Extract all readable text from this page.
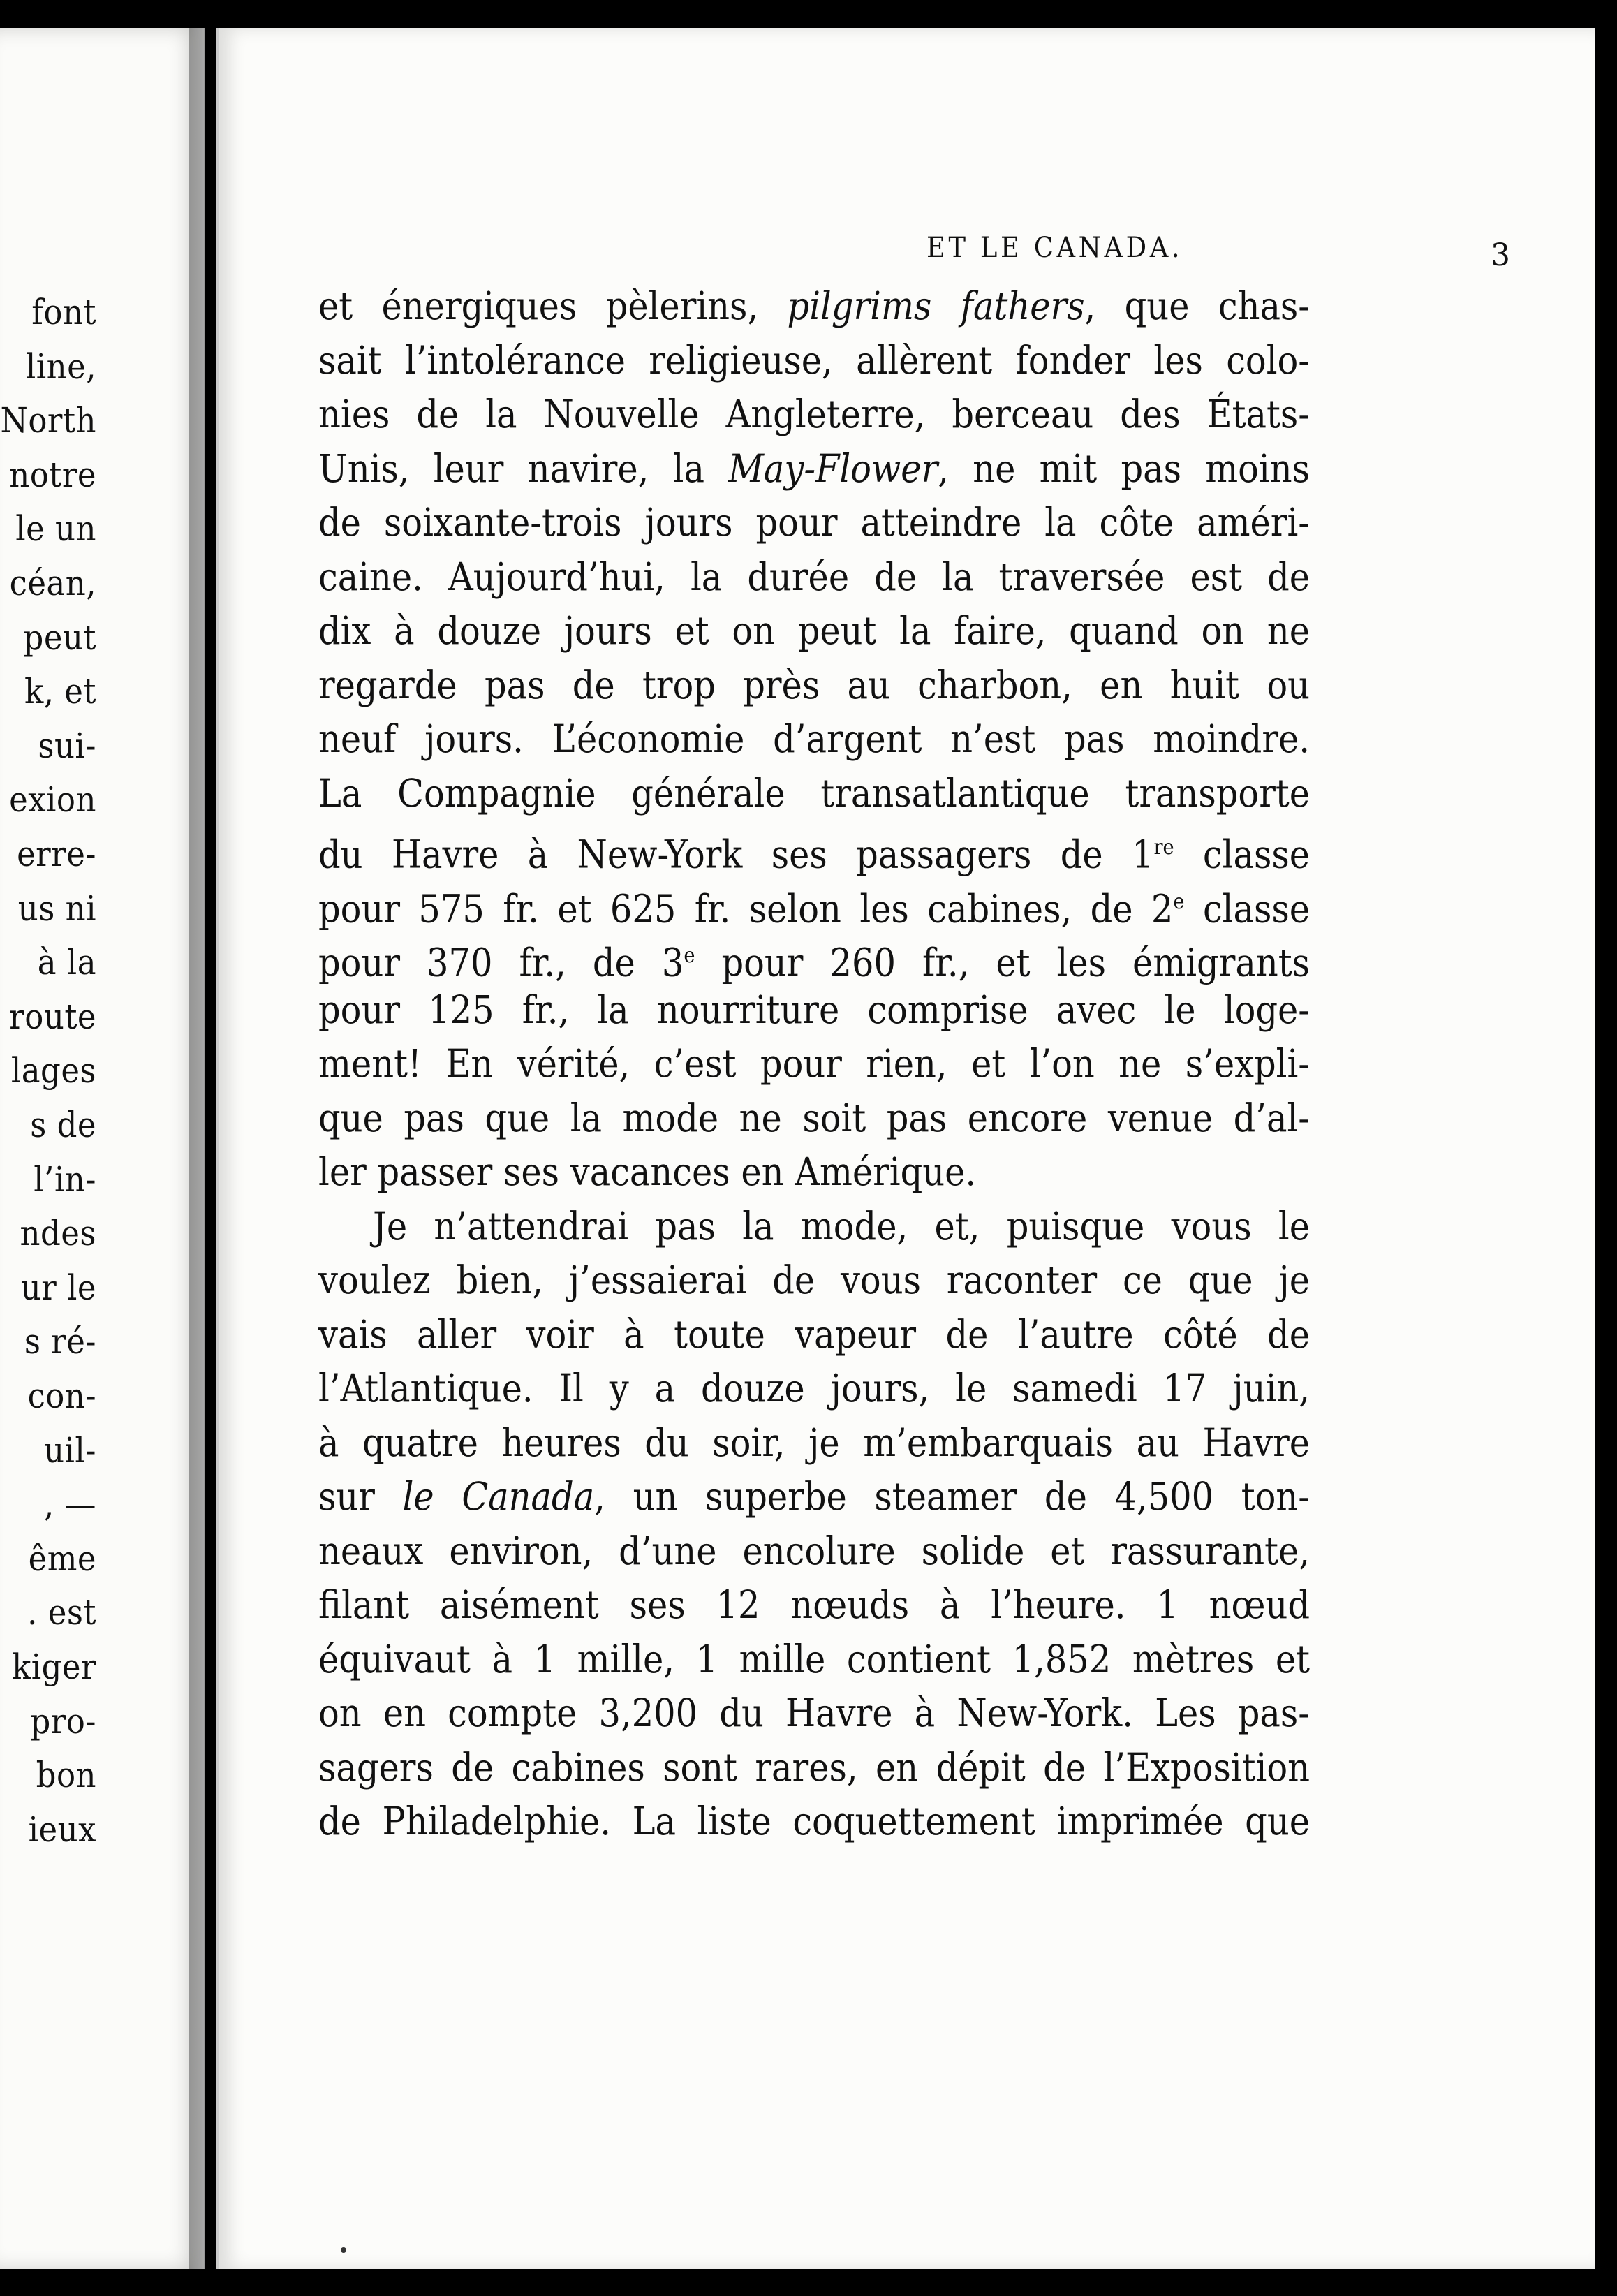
font
line,
North
notre
le un
céan,
peut
k, et
sui-
exion
erre-
us ni
à la
route
lages
s de
l’in-
ndes
ur le
s ré-
con-
uil-
, —
ême
. est
kiger
pro-
bon
ieux
ET LE CANADA.	3
et énergiques pèlerins, pilgrims fathers, que chas-
sait l’intolérance religieuse, allèrent fonder les colo-
nies de la Nouvelle Angleterre, berceau des États-
Unis, leur navire, la May-Flower, ne mit pas moins
de soixante-trois jours pour atteindre la côte améri-
caine. Aujourd’hui, la durée de la traversée est de
dix à douze jours et on peut la faire, quand on ne
regarde pas de trop près au charbon, en huit ou
neuf jours. L’économie d’argent n’est pas moindre.
La Compagnie générale transatlantique transporte
du Havre à New-York ses passagers de 1re classe
pour 575 fr. et 625 fr. selon les cabines, de 2e classe
pour 370 fr., de 3e pour 260 fr., et les émigrants
pour 125 fr., la nourriture comprise avec le loge-
ment! En vérité, c’est pour rien, et l’on ne s’expli-
que pas que la mode ne soit pas encore venue d’al-
ler passer ses vacances en Amérique.
Je n’attendrai pas la mode, et, puisque vous le
voulez bien, j’essaierai de vous raconter ce que je
vais aller voir à toute vapeur de l’autre côté de
l’Atlantique. Il y a douze jours, le samedi 17 juin,
à quatre heures du soir, je m’embarquais au Havre
sur le Canada, un superbe steamer de 4,500 ton-
neaux environ, d’une encolure solide et rassurante,
filant aisément ses 12 nœuds à l’heure. 1 nœud
équivaut à 1 mille, 1 mille contient 1,852 mètres et
on en compte 3,200 du Havre à New-York. Les pas-
sagers de cabines sont rares, en dépit de l’Exposition
de Philadelphie. La liste coquettement imprimée que
